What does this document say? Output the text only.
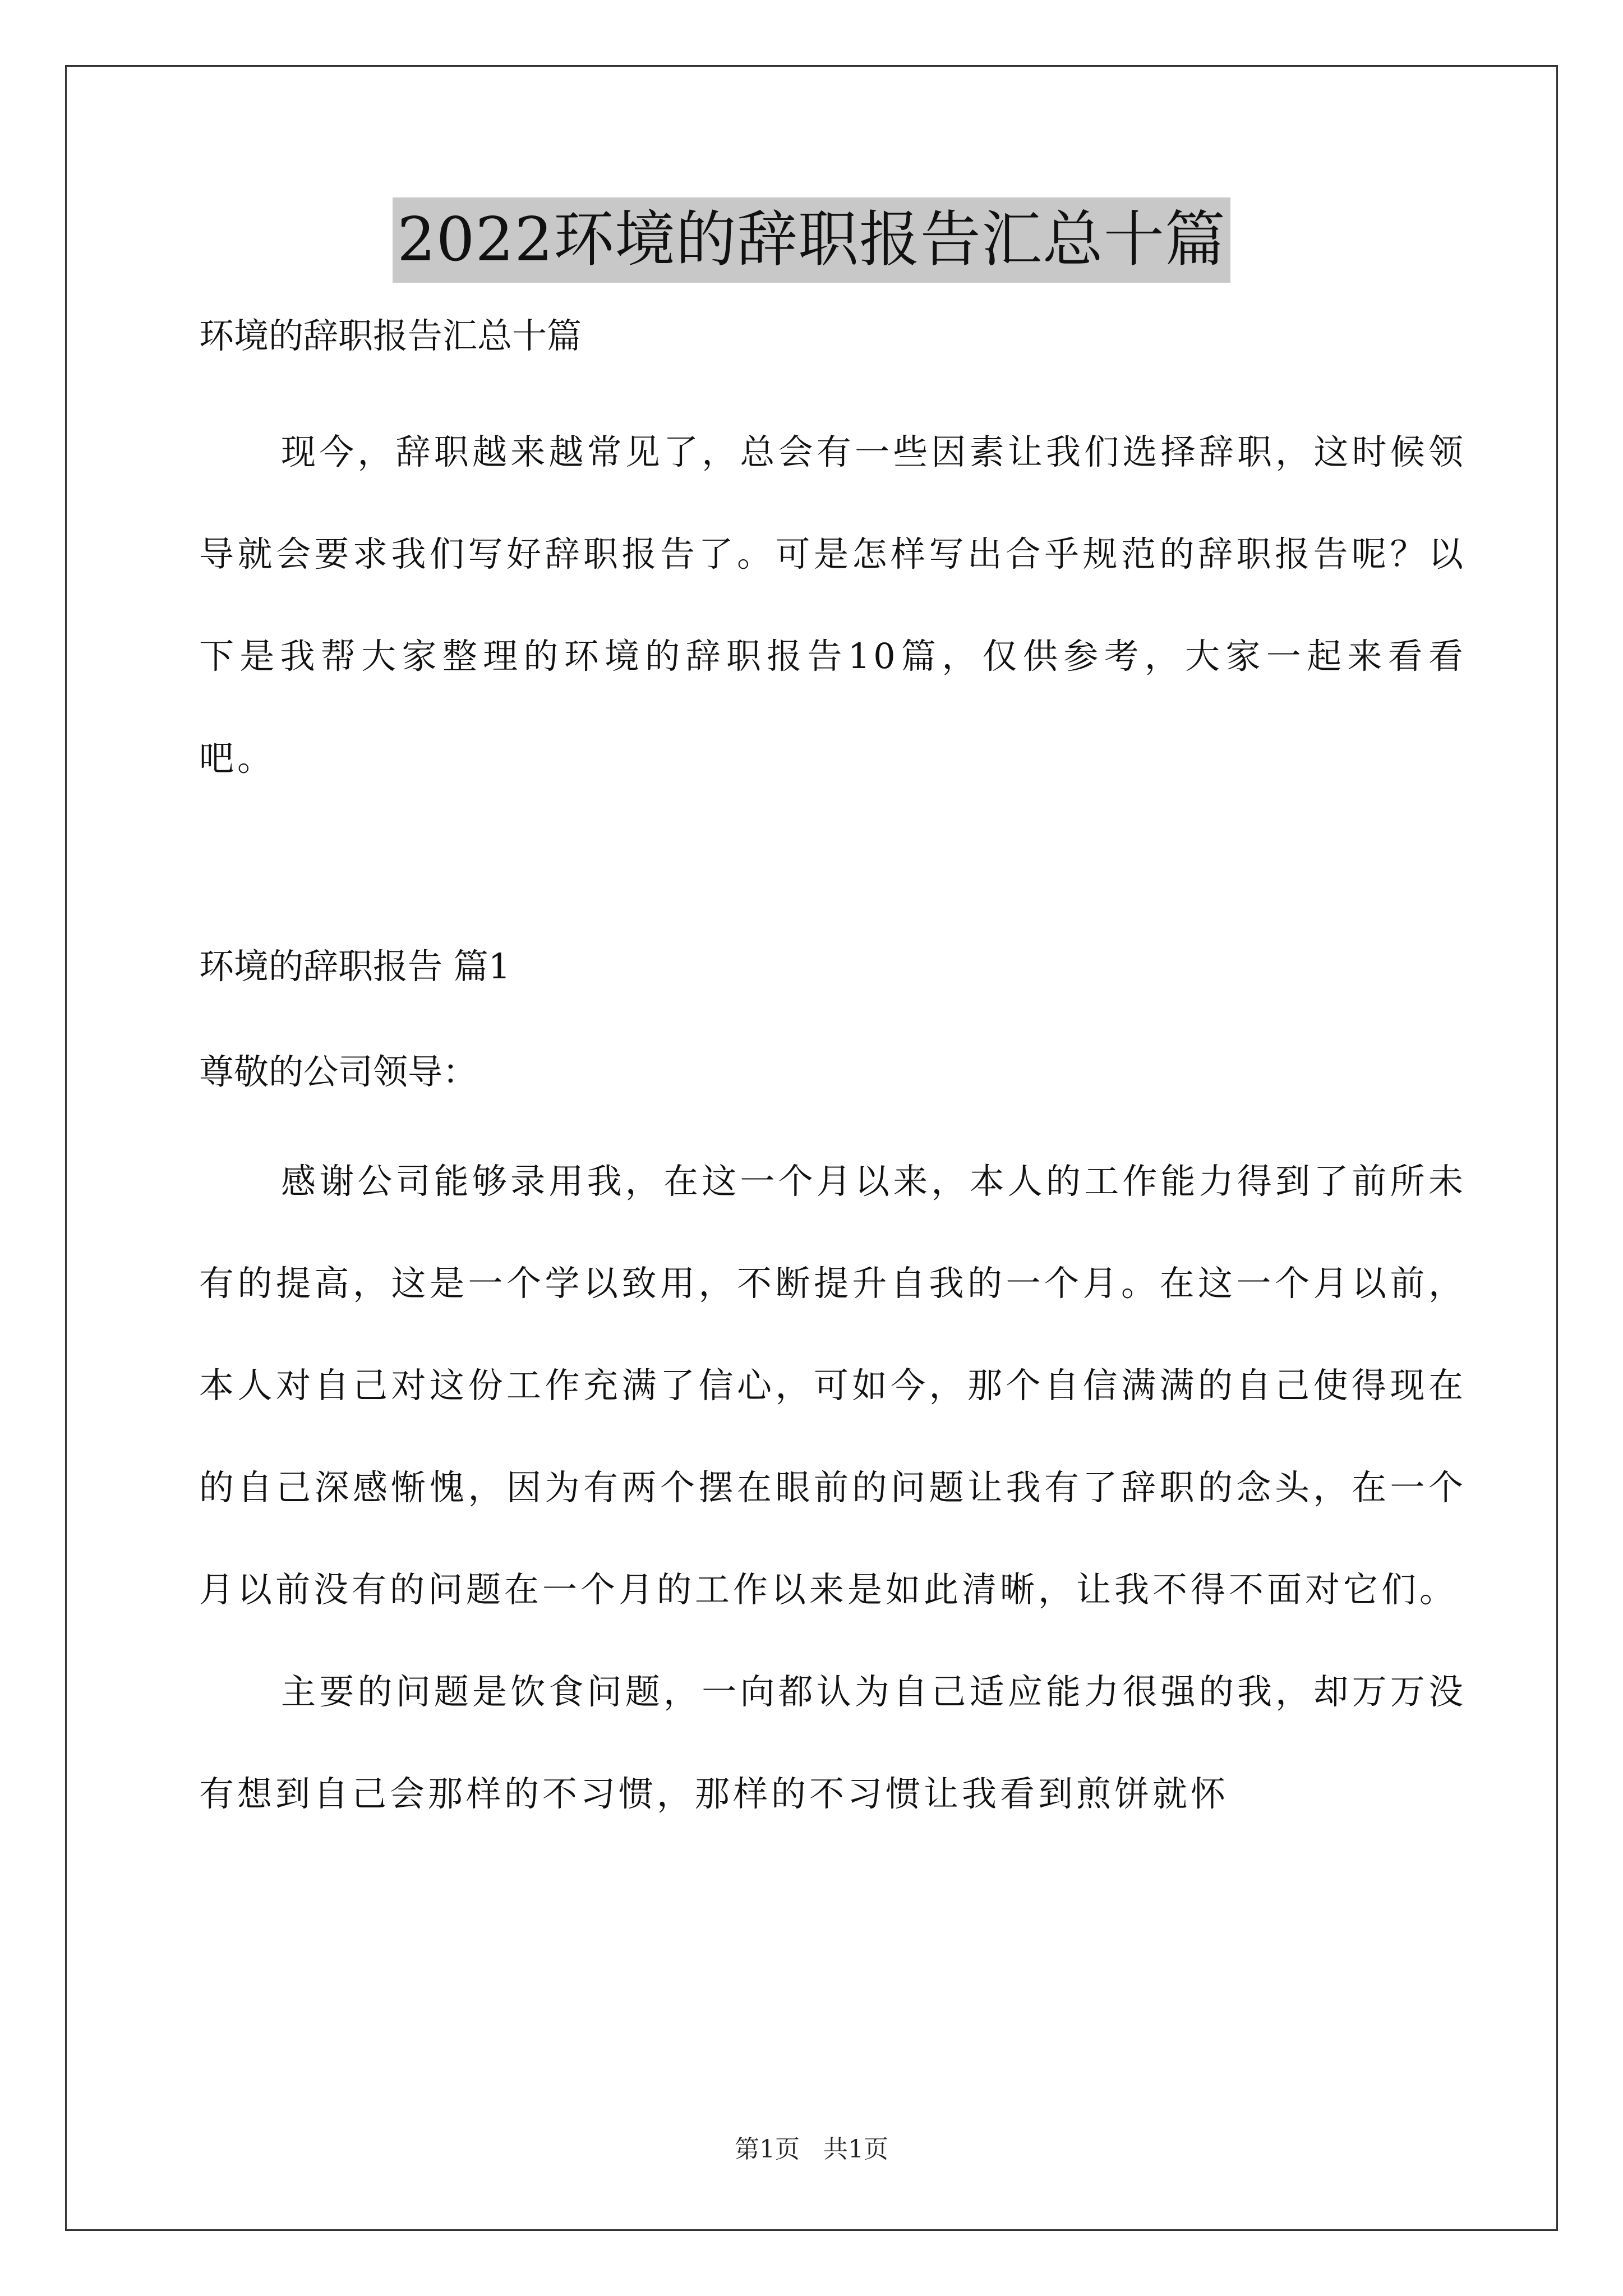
2022环境的辞职报告汇总十篇

环境的辞职报告汇总十篇

现今，辞职越来越常见了，总会有一些因素让我们选择辞职，这时候领导就会要求我们写好辞职报告了。可是怎样写出合乎规范的辞职报告呢？以下是我帮大家整理的环境的辞职报告10篇，仅供参考，大家一起来看看吧。

环境的辞职报告 篇1

尊敬的公司领导：

感谢公司能够录用我，在这一个月以来，本人的工作能力得到了前所未有的提高，这是一个学以致用，不断提升自我的一个月。在这一个月以前，本人对自己对这份工作充满了信心，可如今，那个自信满满的自己使得现在的自己深感惭愧，因为有两个摆在眼前的问题让我有了辞职的念头，在一个月以前没有的问题在一个月的工作以来是如此清晰，让我不得不面对它们。

主要的问题是饮食问题，一向都认为自己适应能力很强的我，却万万没有想到自己会那样的不习惯，那样的不习惯让我看到煎饼就怀

第1页   共1页
